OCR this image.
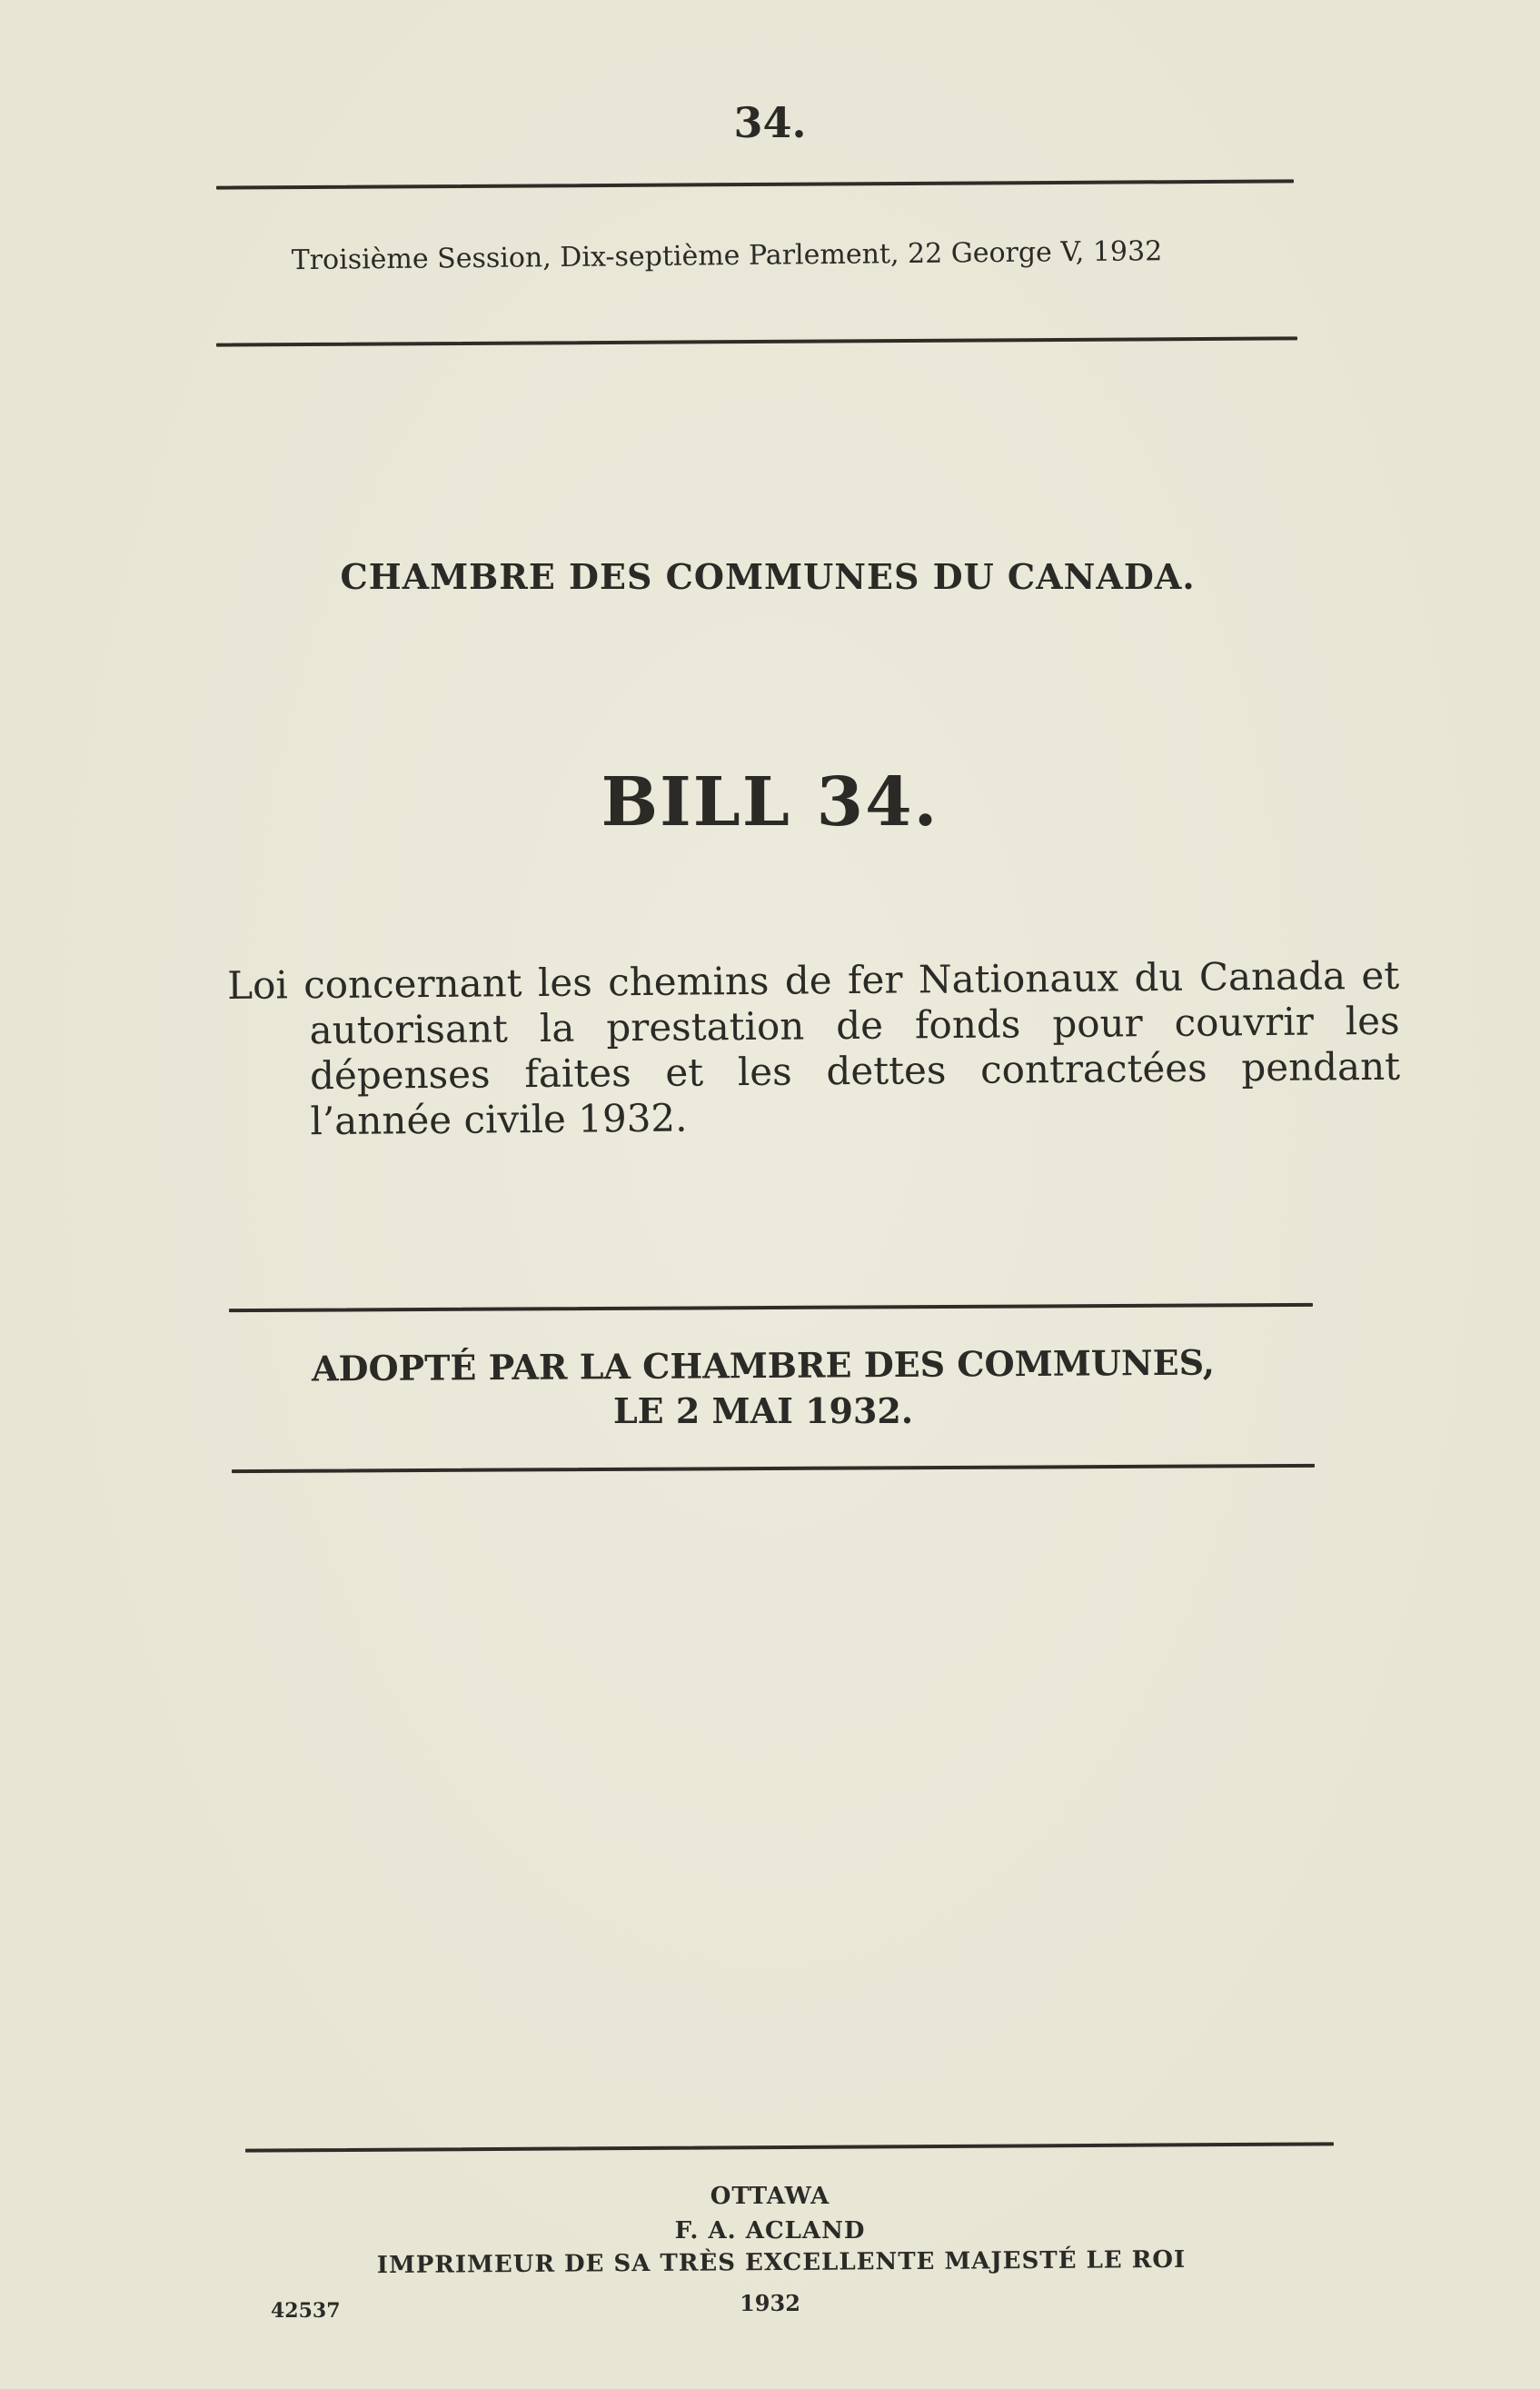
34.
Troisième Session, Dix-septième Parlement, 22 George V, 1932
CHAMBRE DES COMMUNES DU CANADA.
BILL 34.
Loi concernant les chemins de fer Nationaux du Canada et autorisant la prestation de fonds pour couvrir les dépenses faites et les dettes contractées pendant l’année civile 1932.
ADOPTÉ PAR LA CHAMBRE DES COMMUNES,
LE 2 MAI 1932.
OTTAWA
F. A. ACLAND
IMPRIMEUR DE SA TRÈS EXCELLENTE MAJESTÉ LE ROI
1932
42537
